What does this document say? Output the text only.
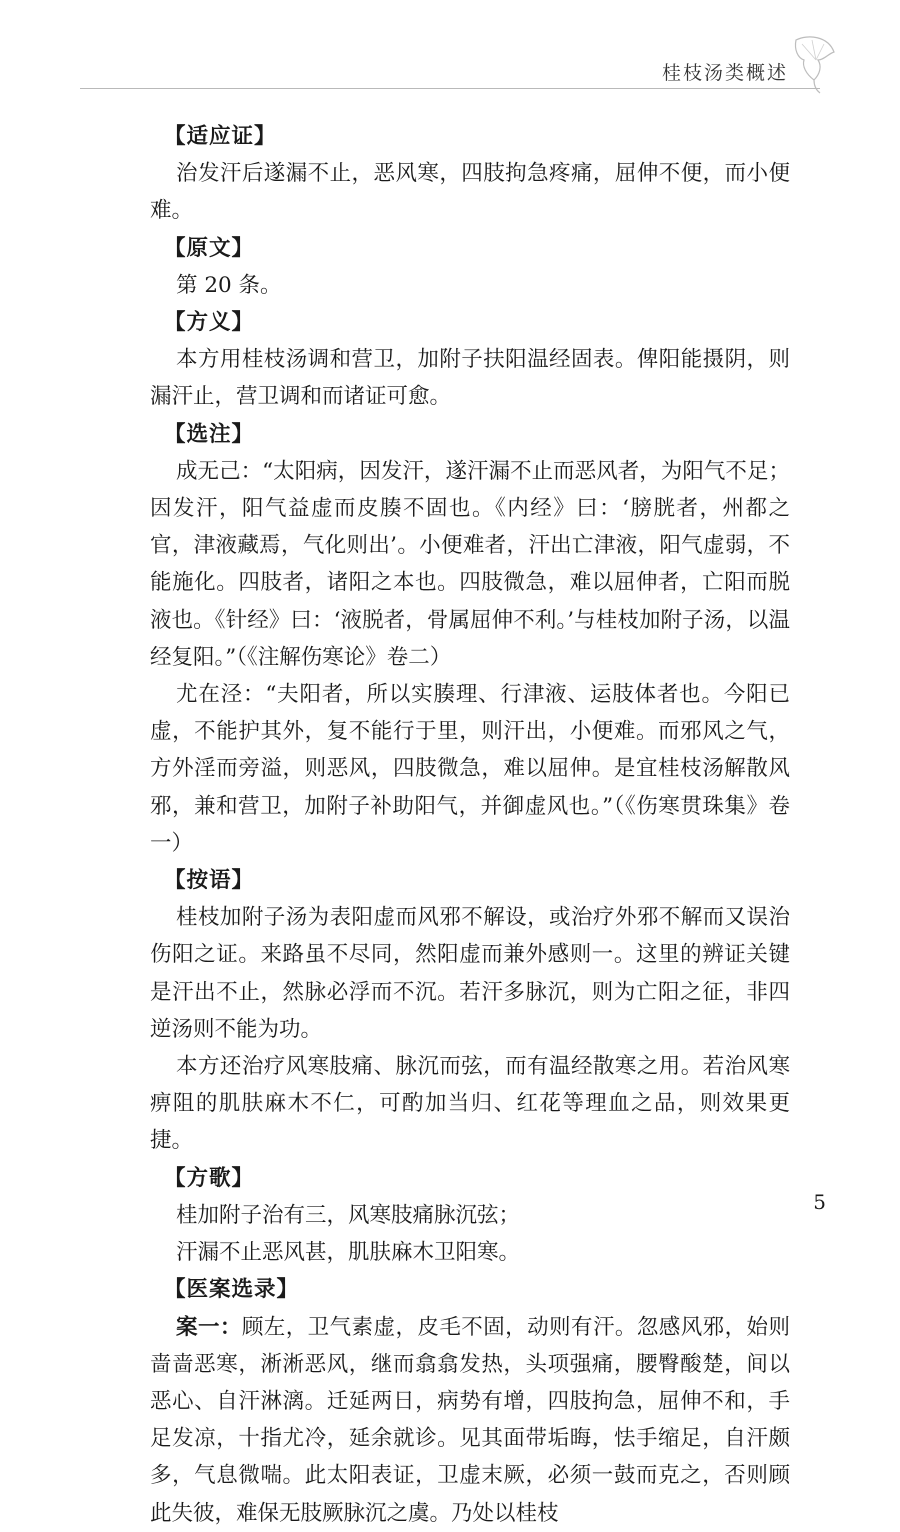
桂枝汤类概述
【适应证】

治发汗后遂漏不止，恶风寒，四肢拘急疼痛，屈伸不便，而小便难。

【原文】

第 20 条。

【方义】

本方用桂枝汤调和营卫，加附子扶阳温经固表。俾阳能摄阴，则漏汗止，营卫调和而诸证可愈。

【选注】

成无己：“太阳病，因发汗，遂汗漏不止而恶风者，为阳气不足；因发汗，阳气益虚而皮腠不固也。《内经》曰：‘膀胱者，州都之官，津液藏焉，气化则出’。小便难者，汗出亡津液，阳气虚弱，不能施化。四肢者，诸阳之本也。四肢微急，难以屈伸者，亡阳而脱液也。《针经》曰：‘液脱者，骨属屈伸不利。’与桂枝加附子汤，以温经复阳。”（《注解伤寒论》卷二）

尤在泾：“夫阳者，所以实腠理、行津液、运肢体者也。今阳已虚，不能护其外，复不能行于里，则汗出，小便难。而邪风之气，方外淫而旁溢，则恶风，四肢微急，难以屈伸。是宜桂枝汤解散风邪，兼和营卫，加附子补助阳气，并御虚风也。”（《伤寒贯珠集》卷一）

【按语】

桂枝加附子汤为表阳虚而风邪不解设，或治疗外邪不解而又误治伤阳之证。来路虽不尽同，然阳虚而兼外感则一。这里的辨证关键是汗出不止，然脉必浮而不沉。若汗多脉沉，则为亡阳之征，非四逆汤则不能为功。

本方还治疗风寒肢痛、脉沉而弦，而有温经散寒之用。若治风寒痹阻的肌肤麻木不仁，可酌加当归、红花等理血之品，则效果更捷。

【方歌】
桂加附子治有三，风寒肢痛脉沉弦；
汗漏不止恶风甚，肌肤麻木卫阳寒。
【医案选录】

案一：顾左，卫气素虚，皮毛不固，动则有汗。忽感风邪，始则啬啬恶寒，淅淅恶风，继而翕翕发热，头项强痛，腰臀酸楚，间以恶心、自汗淋漓。迁延两日，病势有增，四肢拘急，屈伸不和，手足发凉，十指尤冷，延余就诊。见其面带垢晦，怯手缩足，自汗颇多，气息微喘。此太阳表证，卫虚末厥，必须一鼓而克之，否则顾此失彼，难保无肢厥脉沉之虞。乃处以桂枝

5
